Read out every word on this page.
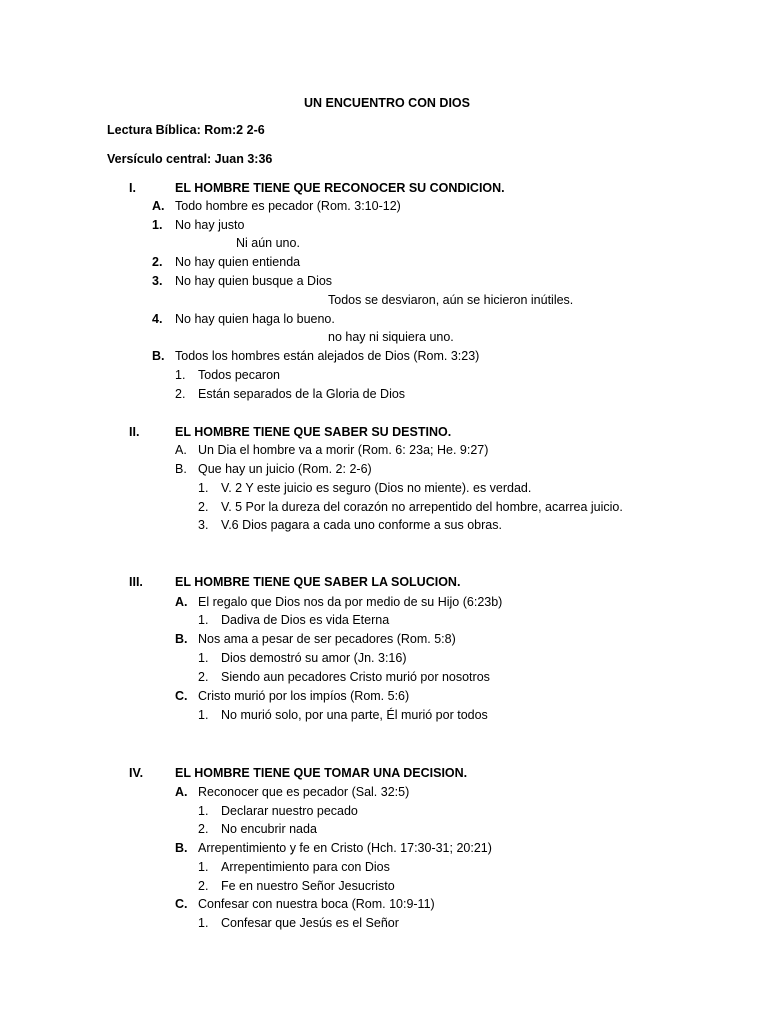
UN ENCUENTRO CON DIOS
Lectura Bíblica: Rom:2 2-6
Versículo central: Juan 3:36
I.	EL HOMBRE TIENE QUE RECONOCER SU CONDICION.
A. Todo hombre es pecador (Rom. 3:10-12)
1. No hay justo
Ni aún uno.
2. No hay quien entienda
3. No hay quien busque a Dios
Todos se desviaron, aún se hicieron inútiles.
4. No hay quien haga lo bueno.
no hay ni siquiera uno.
B. Todos los hombres están alejados de Dios (Rom. 3:23)
1. Todos pecaron
2. Están separados de la Gloria de Dios
II.	EL HOMBRE TIENE QUE SABER SU DESTINO.
A. Un Dia el hombre va a morir (Rom. 6: 23a; He. 9:27)
B. Que hay un juicio (Rom. 2: 2-6)
1. V. 2 Y este juicio es seguro (Dios no miente). es verdad.
2. V. 5 Por la dureza del corazón no arrepentido del hombre, acarrea juicio.
3. V.6 Dios pagara a cada uno conforme a sus obras.
III.	EL HOMBRE TIENE QUE SABER LA SOLUCION.
A. El regalo que Dios nos da por medio de su Hijo (6:23b)
1. Dadiva de Dios es vida Eterna
B. Nos ama a pesar de ser pecadores (Rom. 5:8)
1. Dios demostró su amor (Jn. 3:16)
2. Siendo aun pecadores Cristo murió por nosotros
C. Cristo murió por los impíos (Rom. 5:6)
1. No murió solo, por una parte, Él murió por todos
IV.	EL HOMBRE TIENE QUE TOMAR UNA DECISION.
A. Reconocer que es pecador (Sal. 32:5)
1. Declarar nuestro pecado
2. No encubrir nada
B. Arrepentimiento y fe en Cristo (Hch. 17:30-31; 20:21)
1. Arrepentimiento para con Dios
2. Fe en nuestro Señor Jesucristo
C. Confesar con nuestra boca (Rom. 10:9-11)
1. Confesar que Jesús es el Señor
